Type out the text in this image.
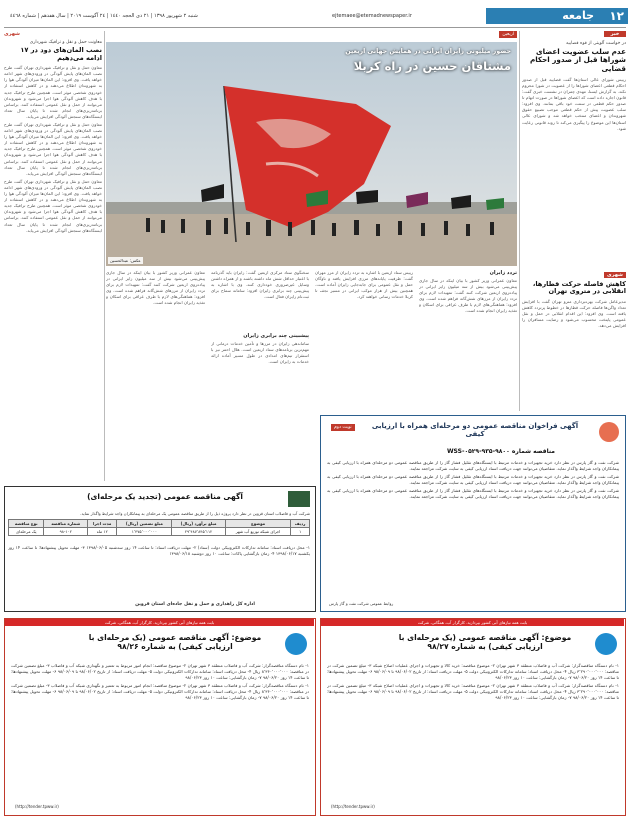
١٢
جامعه
ejtemaee@etemadnewspaper.ir
شنبه ٢ شهریور ١٣٩٨ | ٢١ ذی الحجه ١٤٤٠ | ٢٤ آگوست ٢٠١٩ | سال هفدهم | شماره ٤٤٦٨
خبر
در خواست آلویتی از قوه قضاییه
عدم سلب عضویت اعضای شوراها قبل از صدور احکام قضایی

رییس شورای عالی استان‌ها گفت قضاییه قبل از صدور احکام قطعی اعضای شوراها را از عضویت در شورا محروم نکند. به گزارش ایسنا، مهدی چمران در نشست خبری گفت: قانون اجازه داده است که اعضای شوراها در صورت اتهام تا صدور حکم قطعی در سمت خود باقی بمانند. وی افزود: سلب عضویت پیش از حکم قطعی موجب تضییع حقوق شهروندان و اعضای منتخب خواهد شد و شورای عالی استان‌ها این موضوع را پیگیری می‌کند تا روند قانونی رعایت شود.

شهری
کاهش فاصله حرکت قطارها،
انقلابی در متروی تهران

مدیرعامل شرکت بهره‌برداری مترو تهران گفت با افزایش تعداد واگن‌ها فاصله حرکت قطارها در خطوط پرتردد کاهش یافته است. وی افزود: این اقدام انقلابی در حمل و نقل عمومی پایتخت محسوب می‌شود و رضایت مسافران را افزایش می‌دهد.

اربعین
حضور میلیونی زایران ایرانی در همایش جهانی اربعین
مشتاقان حسین در راه کربلا
عکس: عبدالحسین
تردد زایران
معاون عمرانی وزیر کشور با بیان اینکه در سال جاری پیش‌بینی می‌شود بیش از سه میلیون زایر ایرانی در پیاده‌روی اربعین شرکت کنند گفت: تمهیدات لازم برای تردد زایران از مرزهای شش‌گانه فراهم شده است. وی افزود: هماهنگی‌های لازم با طرف عراقی برای اسکان و تغذیه زایران انجام شده است.
رییس ستاد اربعین با اشاره به تردد زایران از مرز مهران گفت: ظرفیت پایانه‌های مرزی افزایش یافته و ناوگان حمل و نقل عمومی برای جابه‌جایی زایران آماده است. همچنین بیش از هزار موکب ایرانی در مسیر نجف تا کربلا خدمات رسانی خواهند کرد.
سخنگوی ستاد مرکزی اربعین گفت: زایران باید گذرنامه با اعتبار حداقل شش ماه داشته باشند و از همراه داشتن وسایل غیرضروری خودداری کنند. وی با اشاره به پیش‌بینی چند برابری زایران افزود: سامانه سماح برای ثبت‌نام زایران فعال است.
پیشبینی چند برابری زایران
ساماندهی زایران در مرزها و تأمین خدمات درمانی از مهم‌ترین برنامه‌های ستاد اربعین است. هلال احمر نیز با استقرار تیم‌های امدادی در طول مسیر آماده ارائه خدمات به زایران است.
معاون عمرانی وزیر کشور با بیان اینکه در سال جاری پیش‌بینی می‌شود بیش از سه میلیون زایر ایرانی در پیاده‌روی اربعین شرکت کنند گفت: تمهیدات لازم برای تردد زایران از مرزهای شش‌گانه فراهم شده است. وی افزود: هماهنگی‌های لازم با طرف عراقی برای اسکان و تغذیه زایران انجام شده است.
شهری
معاونت حمل و نقل و ترافیک شهرداری
نصب المان‌های دود در ۱۷ ادامه می‌دهیم

معاون حمل و نقل و ترافیک شهرداری تهران گفت طرح نصب المان‌های پایش آلودگی در ورودی‌های شهر ادامه خواهد یافت. وی افزود: این المان‌ها میزان آلودگی هوا را به شهروندان اطلاع می‌دهند و در کاهش استفاده از خودروی شخصی موثر است. همچنین طرح ترافیک جدید با هدف کاهش آلودگی هوا اجرا می‌شود و شهروندان می‌توانند از حمل و نقل عمومی استفاده کنند. براساس برنامه‌ریزی‌های انجام شده تا پایان سال تعداد ایستگاه‌های سنجش آلودگی افزایش می‌یابد.

معاون حمل و نقل و ترافیک شهرداری تهران گفت طرح نصب المان‌های پایش آلودگی در ورودی‌های شهر ادامه خواهد یافت. وی افزود: این المان‌ها میزان آلودگی هوا را به شهروندان اطلاع می‌دهند و در کاهش استفاده از خودروی شخصی موثر است. همچنین طرح ترافیک جدید با هدف کاهش آلودگی هوا اجرا می‌شود و شهروندان می‌توانند از حمل و نقل عمومی استفاده کنند. براساس برنامه‌ریزی‌های انجام شده تا پایان سال تعداد ایستگاه‌های سنجش آلودگی افزایش می‌یابد.

معاون حمل و نقل و ترافیک شهرداری تهران گفت طرح نصب المان‌های پایش آلودگی در ورودی‌های شهر ادامه خواهد یافت. وی افزود: این المان‌ها میزان آلودگی هوا را به شهروندان اطلاع می‌دهند و در کاهش استفاده از خودروی شخصی موثر است. همچنین طرح ترافیک جدید با هدف کاهش آلودگی هوا اجرا می‌شود و شهروندان می‌توانند از حمل و نقل عمومی استفاده کنند. براساس برنامه‌ریزی‌های انجام شده تا پایان سال تعداد ایستگاه‌های سنجش آلودگی افزایش می‌یابد.

آگهی فراخوان مناقصه عمومی دو مرحله‌ای همراه با ارزیابی کیفی
نوبت دوم
مناقصه شماره ۹۸۰۰-۹۳۵-۰۵۲۹-WSS

شرکت نفت و گاز پارس در نظر دارد خرید تجهیزات و خدمات مرتبط با ایستگاه‌های تقلیل فشار گاز را از طریق مناقصه عمومی دو مرحله‌ای همراه با ارزیابی کیفی به پیمانکاران واجد شرایط واگذار نماید. متقاضیان می‌توانند جهت دریافت اسناد ارزیابی کیفی به سایت شرکت مراجعه نمایند.

شرکت نفت و گاز پارس در نظر دارد خرید تجهیزات و خدمات مرتبط با ایستگاه‌های تقلیل فشار گاز را از طریق مناقصه عمومی دو مرحله‌ای همراه با ارزیابی کیفی به پیمانکاران واجد شرایط واگذار نماید. متقاضیان می‌توانند جهت دریافت اسناد ارزیابی کیفی به سایت شرکت مراجعه نمایند.

شرکت نفت و گاز پارس در نظر دارد خرید تجهیزات و خدمات مرتبط با ایستگاه‌های تقلیل فشار گاز را از طریق مناقصه عمومی دو مرحله‌ای همراه با ارزیابی کیفی به پیمانکاران واجد شرایط واگذار نماید. متقاضیان می‌توانند جهت دریافت اسناد ارزیابی کیفی به سایت شرکت مراجعه نمایند.

روابط عمومی شرکت نفت و گاز پارس
آگهی مناقصه عمومی (تجدید یک مرحله‌ای)
شرکت آب و فاضلاب استان قزوین در نظر دارد پروژه ذیل را از طریق مناقصه عمومی یک مرحله‌ای به پیمانکاران واجد شرایط واگذار نماید.
ردیف	موضوع	مبلغ برآورد (ریال)	مبلغ تضمین (ریال)	مدت اجرا	شماره مناقصه	نوع مناقصه
۱	اجرای شبکه توزیع آب شهر	۲۹٬۴۸۷٬۸۴۵٬۱۱۲	۱٬۴۷۵٬۰۰۰٬۰۰۰	۱۲ ماه	۹۸-۱۰۲	یک مرحله‌ای
۱- محل دریافت اسناد: سامانه تدارکات الکترونیکی دولت (ستاد) ۲- مهلت دریافت اسناد: تا ساعت ۱۴ روز سه‌شنبه ۱۳۹۸/۰۶/۰۵ ۳- مهلت تحویل پیشنهادها: تا ساعت ۱۴ روز یکشنبه ۱۳۹۸/۰۶/۱۷ ۴- زمان بازگشایی پاکات: ساعت ۱۰ روز دوشنبه ۱۳۹۸/۰۶/۱۸
اداره کل راهداری و حمل و نقل جاده‌ای استان قزوین
بابت همه نیازهای آبی کشور بپردازید. کارگزار آب، همگانی، شرکت
موضوع: آگهی مناقصه عمومی (یک مرحله‌ای با ارزیابی کیفی) به شماره ۹۸/۲۶

۱- نام دستگاه مناقصه‌گزار: شرکت آب و فاضلاب منطقه ۳ شهر تهران ۲- موضوع مناقصه: انجام امور مربوط به تعمیر و نگهداری شبکه آب و فاضلاب ۳- مبلغ تضمین شرکت در مناقصه: ۸٬۳۶۰٬۰۰۰٬۰۰۰ ریال ۴- محل دریافت اسناد: سامانه تدارکات الکترونیکی دولت ۵- مهلت دریافت اسناد: از تاریخ ۹۸/۰۶/۰۲ تا ۹۸/۰۶/۰۹ ۶- مهلت تحویل پیشنهادها: تا ساعت ۱۴ روز ۹۸/۰۶/۲۰ ۷- زمان بازگشایی: ساعت ۱۰ روز ۹۸/۰۶/۲۳

۱- نام دستگاه مناقصه‌گزار: شرکت آب و فاضلاب منطقه ۳ شهر تهران ۲- موضوع مناقصه: انجام امور مربوط به تعمیر و نگهداری شبکه آب و فاضلاب ۳- مبلغ تضمین شرکت در مناقصه: ۸٬۳۶۰٬۰۰۰٬۰۰۰ ریال ۴- محل دریافت اسناد: سامانه تدارکات الکترونیکی دولت ۵- مهلت دریافت اسناد: از تاریخ ۹۸/۰۶/۰۲ تا ۹۸/۰۶/۰۹ ۶- مهلت تحویل پیشنهادها: تا ساعت ۱۴ روز ۹۸/۰۶/۲۰ ۷- زمان بازگشایی: ساعت ۱۰ روز ۹۸/۰۶/۲۳

(http://tender.tpww.ir)
بابت همه نیازهای آبی کشور بپردازید. کارگزار آب، همگانی، شرکت
موضوع: آگهی مناقصه عمومی (یک مرحله‌ای با ارزیابی کیفی) به شماره ۹۸/۲۷

۱- نام دستگاه مناقصه‌گزار: شرکت آب و فاضلاب منطقه ۳ شهر تهران ۲- موضوع مناقصه: خرید کالا و تجهیزات و اجرای عملیات اصلاح شبکه ۳- مبلغ تضمین شرکت در مناقصه: ۳٬۲۹۰٬۰۰۰٬۰۰۰ ریال ۴- محل دریافت اسناد: سامانه تدارکات الکترونیکی دولت ۵- مهلت دریافت اسناد: از تاریخ ۹۸/۰۶/۰۲ تا ۹۸/۰۶/۰۹ ۶- مهلت تحویل پیشنهادها: تا ساعت ۱۴ روز ۹۸/۰۶/۲۰ ۷- زمان بازگشایی: ساعت ۱۰ روز ۹۸/۰۶/۲۳

۱- نام دستگاه مناقصه‌گزار: شرکت آب و فاضلاب منطقه ۳ شهر تهران ۲- موضوع مناقصه: خرید کالا و تجهیزات و اجرای عملیات اصلاح شبکه ۳- مبلغ تضمین شرکت در مناقصه: ۳٬۲۹۰٬۰۰۰٬۰۰۰ ریال ۴- محل دریافت اسناد: سامانه تدارکات الکترونیکی دولت ۵- مهلت دریافت اسناد: از تاریخ ۹۸/۰۶/۰۲ تا ۹۸/۰۶/۰۹ ۶- مهلت تحویل پیشنهادها: تا ساعت ۱۴ روز ۹۸/۰۶/۲۰ ۷- زمان بازگشایی: ساعت ۱۰ روز ۹۸/۰۶/۲۳

(http://tender.tpww.ir)
